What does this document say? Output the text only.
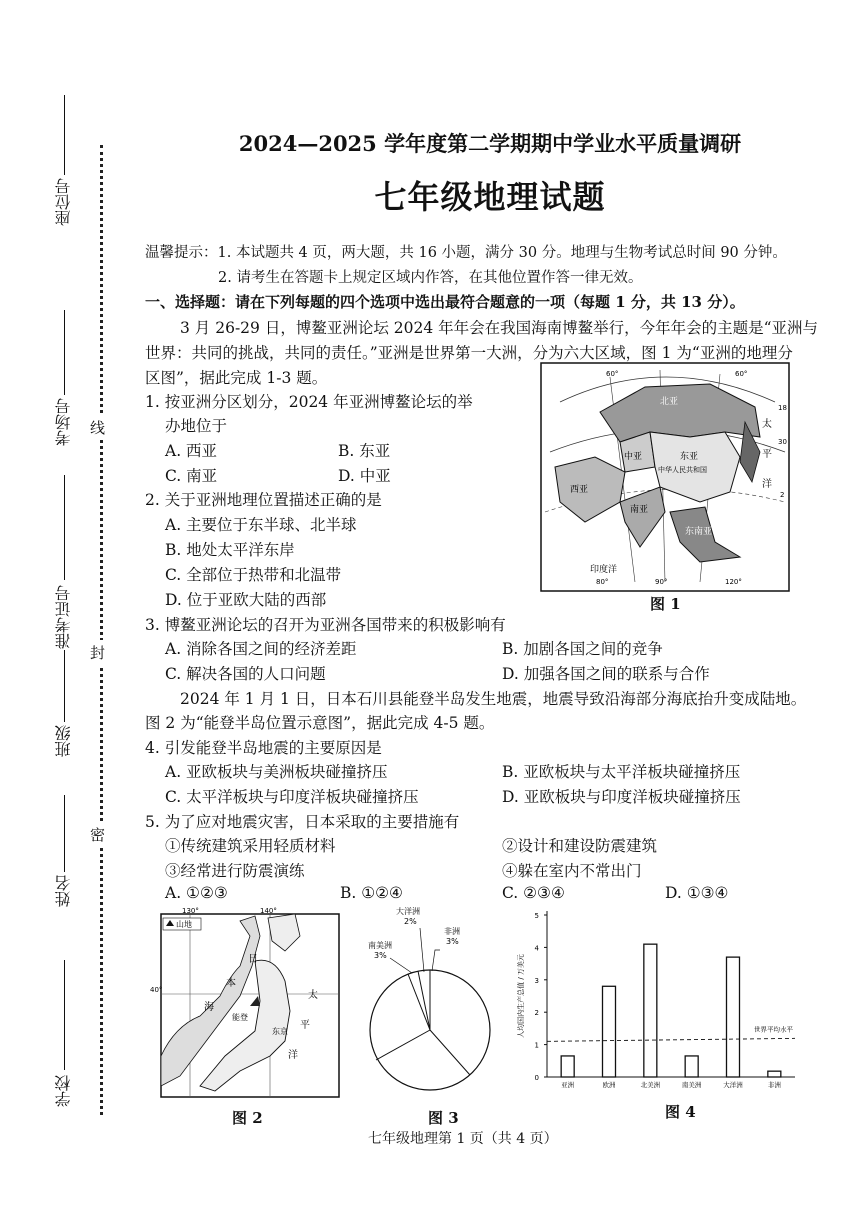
座位号
考场号
准考证号
班级
姓名
学校
线
封
密
2024—2025 学年度第二学期期中学业水平质量调研
七年级地理试题
温馨提示：1. 本试题共 4 页，两大题，共 16 小题，满分 30 分。地理与生物考试总时间 90 分钟。
2. 请考生在答题卡上规定区域内作答，在其他位置作答一律无效。
一、选择题：请在下列每题的四个选项中选出最符合题意的一项（每题 1 分，共 13 分）。
3 月 26-29 日，博鳌亚洲论坛 2024 年年会在我国海南博鳌举行，今年年会的主题是“亚洲与
世界：共同的挑战，共同的责任。”亚洲是世界第一大洲，分为六大区域，图 1 为“亚洲的地理分
区图”，据此完成 1-3 题。
1. 按亚洲分区划分，2024 年亚洲博鳌论坛的举
办地位于
A. 西亚	B. 东亚
C. 南亚	D. 中亚
2. 关于亚洲地理位置描述正确的是
A. 主要位于东半球、北半球
B. 地处太平洋东岸
C. 全部位于热带和北温带
D. 位于亚欧大陆的西部
3. 博鳌亚洲论坛的召开为亚洲各国带来的积极影响有
A. 消除各国之间的经济差距	B. 加剧各国之间的竞争
C. 解决各国的人口问题	D. 加强各国之间的联系与合作
2024 年 1 月 1 日，日本石川县能登半岛发生地震，地震导致沿海部分海底抬升变成陆地。
图 2 为“能登半岛位置示意图”，据此完成 4-5 题。
4. 引发能登半岛地震的主要原因是
A. 亚欧板块与美洲板块碰撞挤压	B. 亚欧板块与太平洋板块碰撞挤压
C. 太平洋板块与印度洋板块碰撞挤压	D. 亚欧板块与印度洋板块碰撞挤压
5. 为了应对地震灾害，日本采取的主要措施有
①传统建筑采用轻质材料	②设计和建设防震建筑
③经常进行防震演练	④躲在室内不常出门
A. ①②③	B. ①②④	C. ②③④	D. ①③④
60°	60°
80°	90°	120°
18
30
2
北亚
中亚	东亚
西亚
南亚
东南亚
中华人民共和国
太
平
洋
印度洋
图 1
山地
130°	140°
40°
日
本
海
太
平
洋
能登
东京
图 2
大洋洲
2%
非洲
3%
南美洲
3%
图 3
0
1
2
3
4
5
人均国内生产总值 / 万美元
亚洲	欧洲	北美洲	南美洲	大洋洲	非洲
世界平均水平
图 4
七年级地理第 1 页（共 4 页）
